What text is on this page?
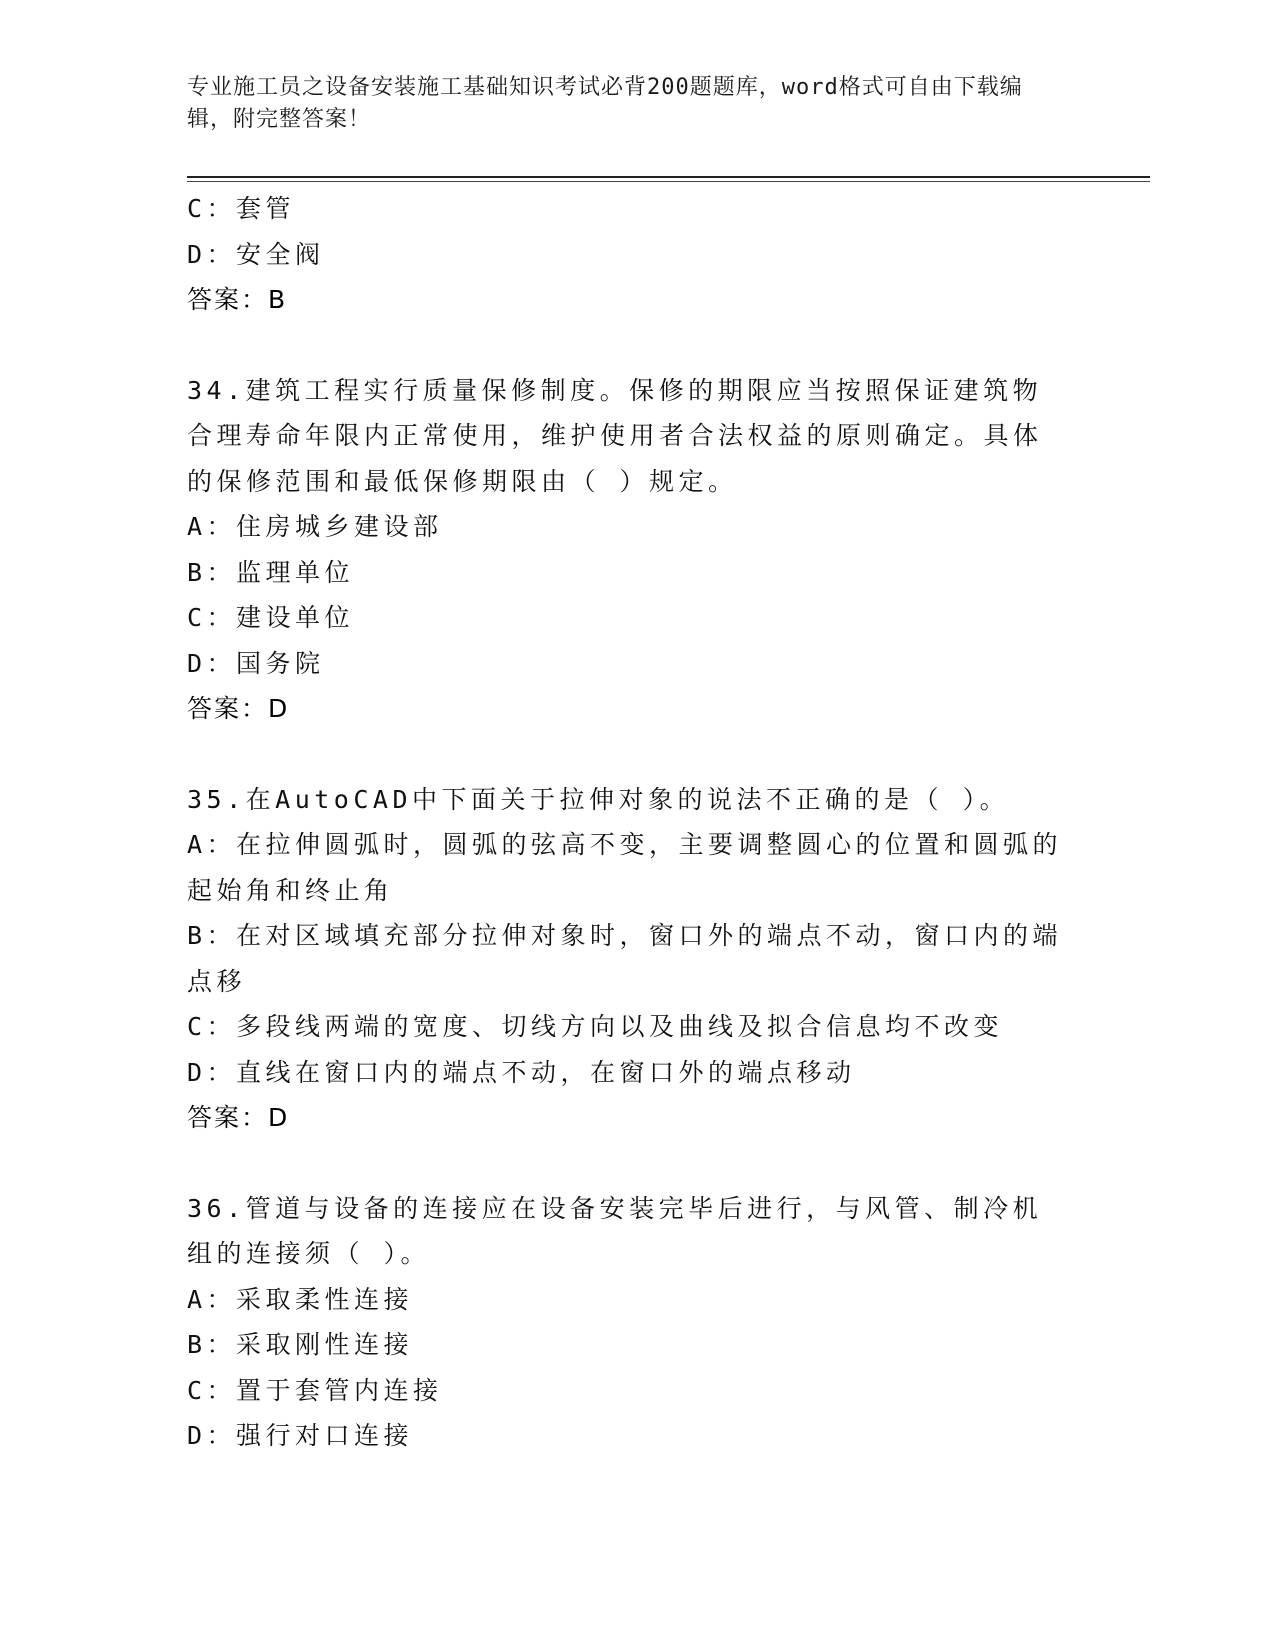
专业施工员之设备安装施工基础知识考试必背200题题库，word格式可自由下载编辑，附完整答案！
C：套管
D：安全阀
答案：B
34.建筑工程实行质量保修制度。保修的期限应当按照保证建筑物合理寿命年限内正常使用，维护使用者合法权益的原则确定。具体的保修范围和最低保修期限由（ ）规定。
A：住房城乡建设部
B：监理单位
C：建设单位
D：国务院
答案：D
35.在AutoCAD中下面关于拉伸对象的说法不正确的是（ ）。
A：在拉伸圆弧时，圆弧的弦高不变，主要调整圆心的位置和圆弧的起始角和终止角
B：在对区域填充部分拉伸对象时，窗口外的端点不动，窗口内的端点移
C：多段线两端的宽度、切线方向以及曲线及拟合信息均不改变
D：直线在窗口内的端点不动，在窗口外的端点移动
答案：D
36.管道与设备的连接应在设备安装完毕后进行，与风管、制冷机组的连接须（ ）。
A：采取柔性连接
B：采取刚性连接
C：置于套管内连接
D：强行对口连接
